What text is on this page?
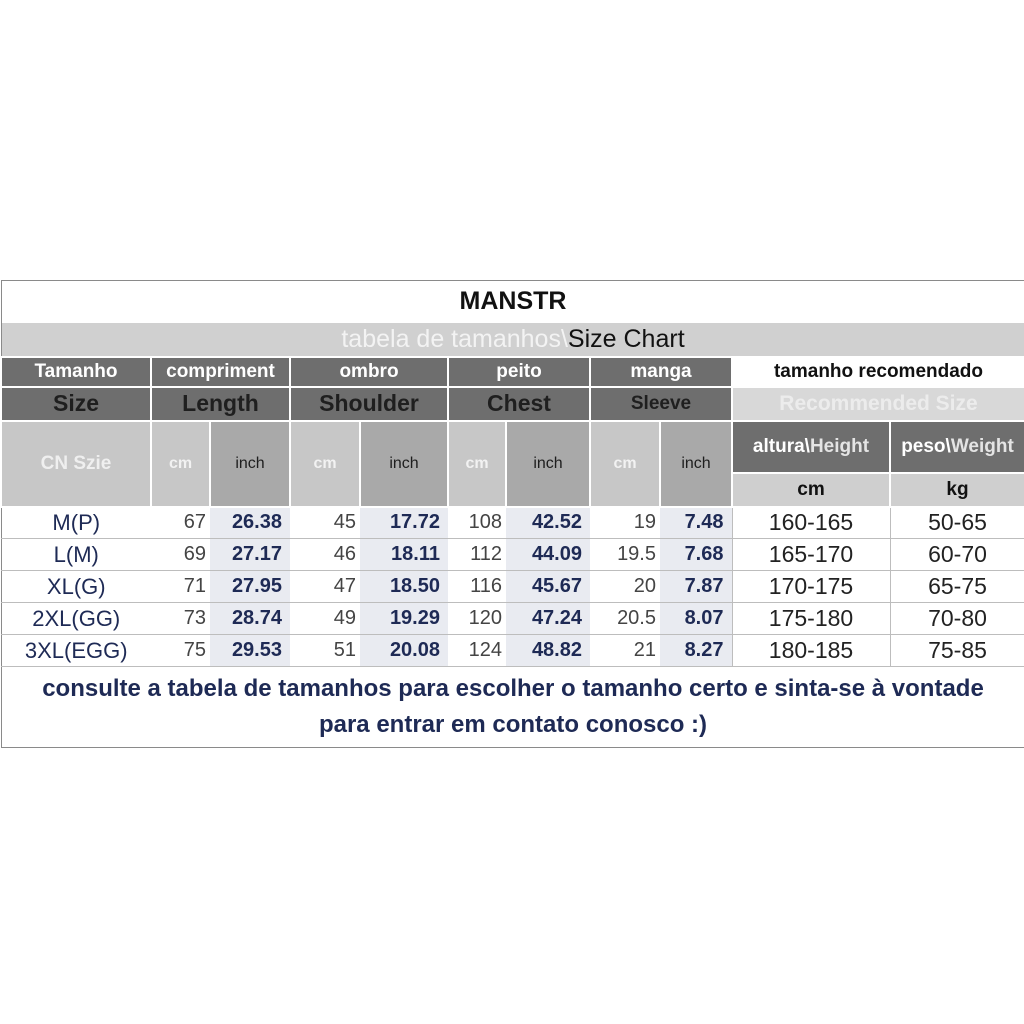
MANSTR										
tabela de tamanhos\Size Chart										
Tamanho	compriment		ombro		peito		manga		tamanho recomendado	
Size	Length		Shoulder		Chest		Sleeve		Recommended Size	
CN Szie	cm	inch	cm	inch	cm	inch	cm	inch	altura\Height	peso\Weight
									cm	kg
M(P)	67	26.38	45	17.72	108	42.52	19	7.48	160-165	50-65
L(M)	69	27.17	46	18.11	112	44.09	19.5	7.68	165-170	60-70
XL(G)	71	27.95	47	18.50	116	45.67	20	7.87	170-175	65-75
2XL(GG)	73	28.74	49	19.29	120	47.24	20.5	8.07	175-180	70-80
3XL(EGG)	75	29.53	51	20.08	124	48.82	21	8.27	180-185	75-85
consulte a tabela de tamanhos para escolher o tamanho certo e sinta-se à vontade para entrar em contato conosco :)										
